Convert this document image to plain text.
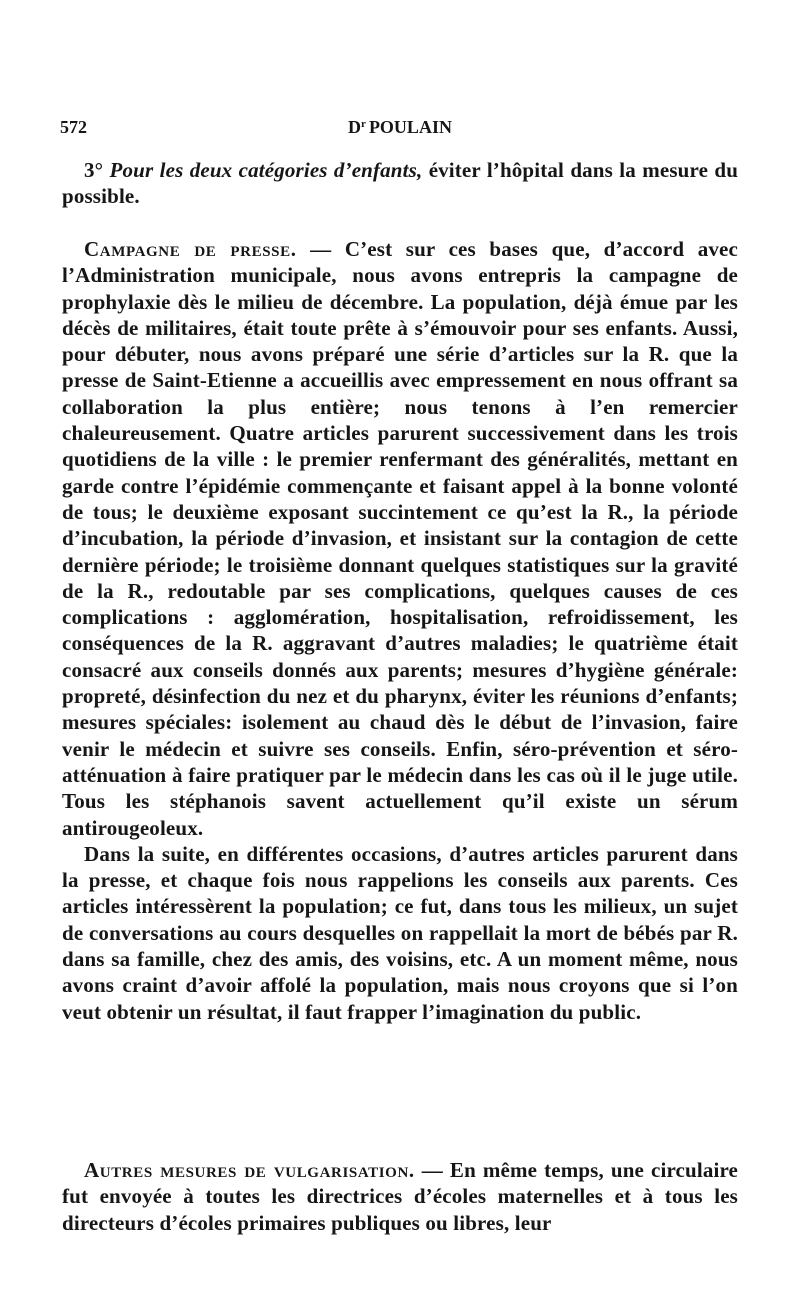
572	$D^r$ POULAIN

3° Pour les deux catégories d’enfants, éviter l’hôpital dans la mesure du possible.

Campagne de presse. — C’est sur ces bases que, d’accord avec l’Administration municipale, nous avons entrepris la campagne de prophylaxie dès le milieu de décembre. La population, déjà émue par les décès de militaires, était toute prête à s’émouvoir pour ses enfants. Aussi, pour débuter, nous avons préparé une série d’articles sur la R. que la presse de Saint-Etienne a accueillis avec empressement en nous offrant sa collaboration la plus entière; nous tenons à l’en remercier chaleureusement. Quatre articles parurent successivement dans les trois quotidiens de la ville : le premier renfermant des généralités, mettant en garde contre l’épidémie commençante et faisant appel à la bonne volonté de tous; le deuxième exposant succintement ce qu’est la R., la période d’incubation, la période d’invasion, et insistant sur la contagion de cette dernière période; le troisième donnant quelques statistiques sur la gravité de la R., redoutable par ses complications, quelques causes de ces complications : agglomération, hospitalisation, refroidissement, les conséquences de la R. aggravant d’autres maladies; le quatrième était consacré aux conseils donnés aux parents; mesures d’hygiène générale: propreté, désinfection du nez et du pharynx, éviter les réunions d’enfants; mesures spéciales: isolement au chaud dès le début de l’invasion, faire venir le médecin et suivre ses conseils. Enfin, séro-prévention et séro-atténuation à faire pratiquer par le médecin dans les cas où il le juge utile. Tous les stéphanois savent actuellement qu’il existe un sérum antirougeoleux.

Dans la suite, en différentes occasions, d’autres articles parurent dans la presse, et chaque fois nous rappelions les conseils aux parents. Ces articles intéressèrent la population; ce fut, dans tous les milieux, un sujet de conversations au cours desquelles on rappellait la mort de bébés par R. dans sa famille, chez des amis, des voisins, etc. A un moment même, nous avons craint d’avoir affolé la population, mais nous croyons que si l’on veut obtenir un résultat, il faut frapper l’imagination du public.

Autres mesures de vulgarisation. — En même temps, une circulaire fut envoyée à toutes les directrices d’écoles maternelles et à tous les directeurs d’écoles primaires publiques ou libres, leur
